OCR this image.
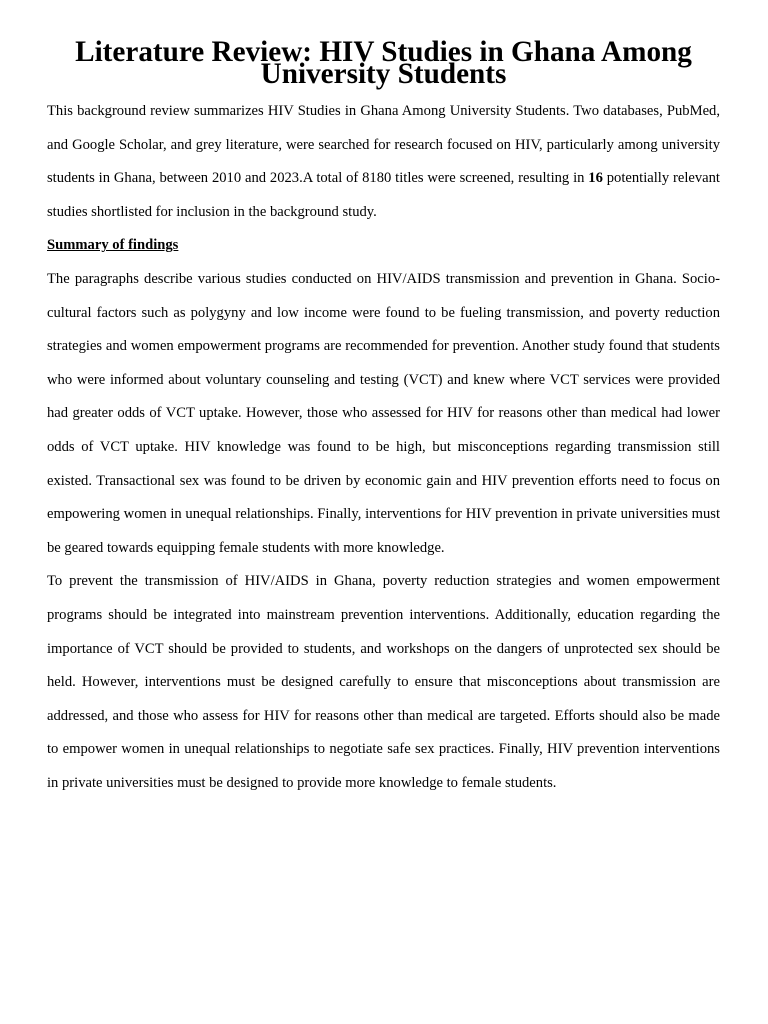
Literature Review: HIV Studies in Ghana Among University Students

This background review summarizes HIV Studies in Ghana Among University Students. Two databases, PubMed, and Google Scholar, and grey literature, were searched for research focused on HIV, particularly among university students in Ghana, between 2010 and 2023.A total of 8180 titles were screened, resulting in 16 potentially relevant studies shortlisted for inclusion in the background study.

Summary of findings

The paragraphs describe various studies conducted on HIV/AIDS transmission and prevention in Ghana. Socio-cultural factors such as polygyny and low income were found to be fueling transmission, and poverty reduction strategies and women empowerment programs are recommended for prevention. Another study found that students who were informed about voluntary counseling and testing (VCT) and knew where VCT services were provided had greater odds of VCT uptake. However, those who assessed for HIV for reasons other than medical had lower odds of VCT uptake. HIV knowledge was found to be high, but misconceptions regarding transmission still existed. Transactional sex was found to be driven by economic gain and HIV prevention efforts need to focus on empowering women in unequal relationships. Finally, interventions for HIV prevention in private universities must be geared towards equipping female students with more knowledge.

To prevent the transmission of HIV/AIDS in Ghana, poverty reduction strategies and women empowerment programs should be integrated into mainstream prevention interventions. Additionally, education regarding the importance of VCT should be provided to students, and workshops on the dangers of unprotected sex should be held. However, interventions must be designed carefully to ensure that misconceptions about transmission are addressed, and those who assess for HIV for reasons other than medical are targeted. Efforts should also be made to empower women in unequal relationships to negotiate safe sex practices. Finally, HIV prevention interventions in private universities must be designed to provide more knowledge to female students.
